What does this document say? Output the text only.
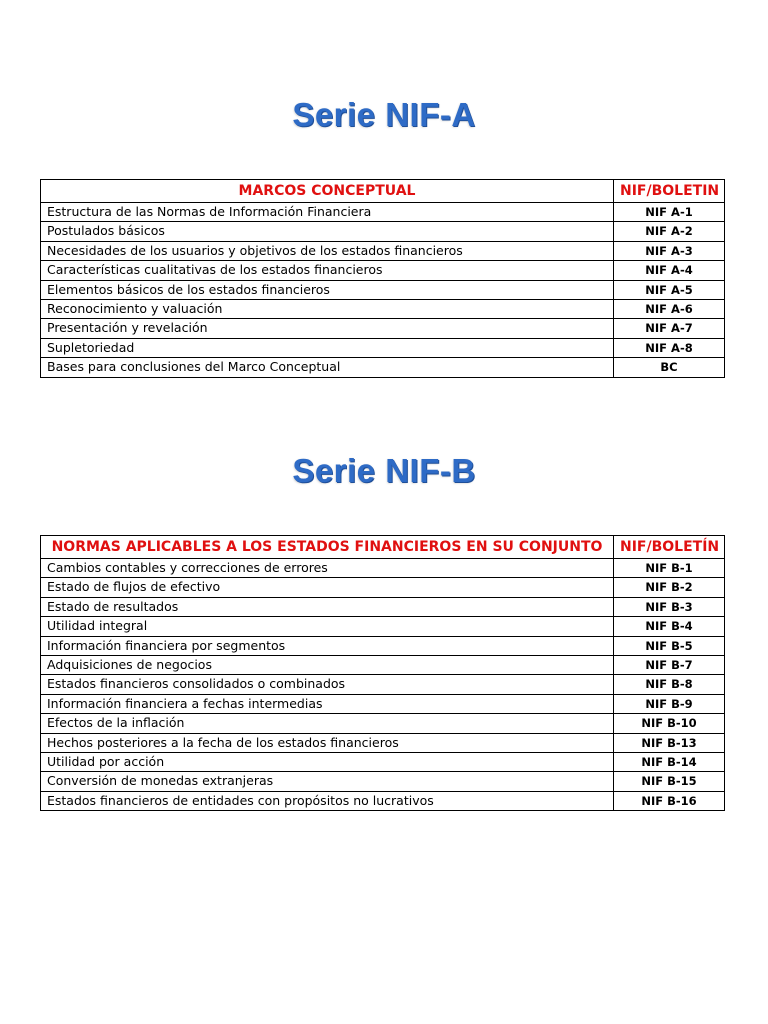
Serie NIF-A
MARCOS CONCEPTUAL	NIF/BOLETIN
Estructura de las Normas de Información Financiera	NIF A-1
Postulados básicos	NIF A-2
Necesidades de los usuarios y objetivos de los estados financieros	NIF A-3
Características cualitativas de los estados financieros	NIF A-4
Elementos básicos de los estados financieros	NIF A-5
Reconocimiento y valuación	NIF A-6
Presentación y revelación	NIF A-7
Supletoriedad	NIF A-8
Bases para conclusiones del Marco Conceptual	BC
Serie NIF-B
NORMAS APLICABLES A LOS ESTADOS FINANCIEROS EN SU CONJUNTO	NIF/BOLETÍN
Cambios contables y correcciones de errores	NIF B-1
Estado de flujos de efectivo	NIF B-2
Estado de resultados	NIF B-3
Utilidad integral	NIF B-4
Información financiera por segmentos	NIF B-5
Adquisiciones de negocios	NIF B-7
Estados financieros consolidados o combinados	NIF B-8
Información financiera a fechas intermedias	NIF B-9
Efectos de la inflación	NIF B-10
Hechos posteriores a la fecha de los estados financieros	NIF B-13
Utilidad por acción	NIF B-14
Conversión de monedas extranjeras	NIF B-15
Estados financieros de entidades con propósitos no lucrativos	NIF B-16
